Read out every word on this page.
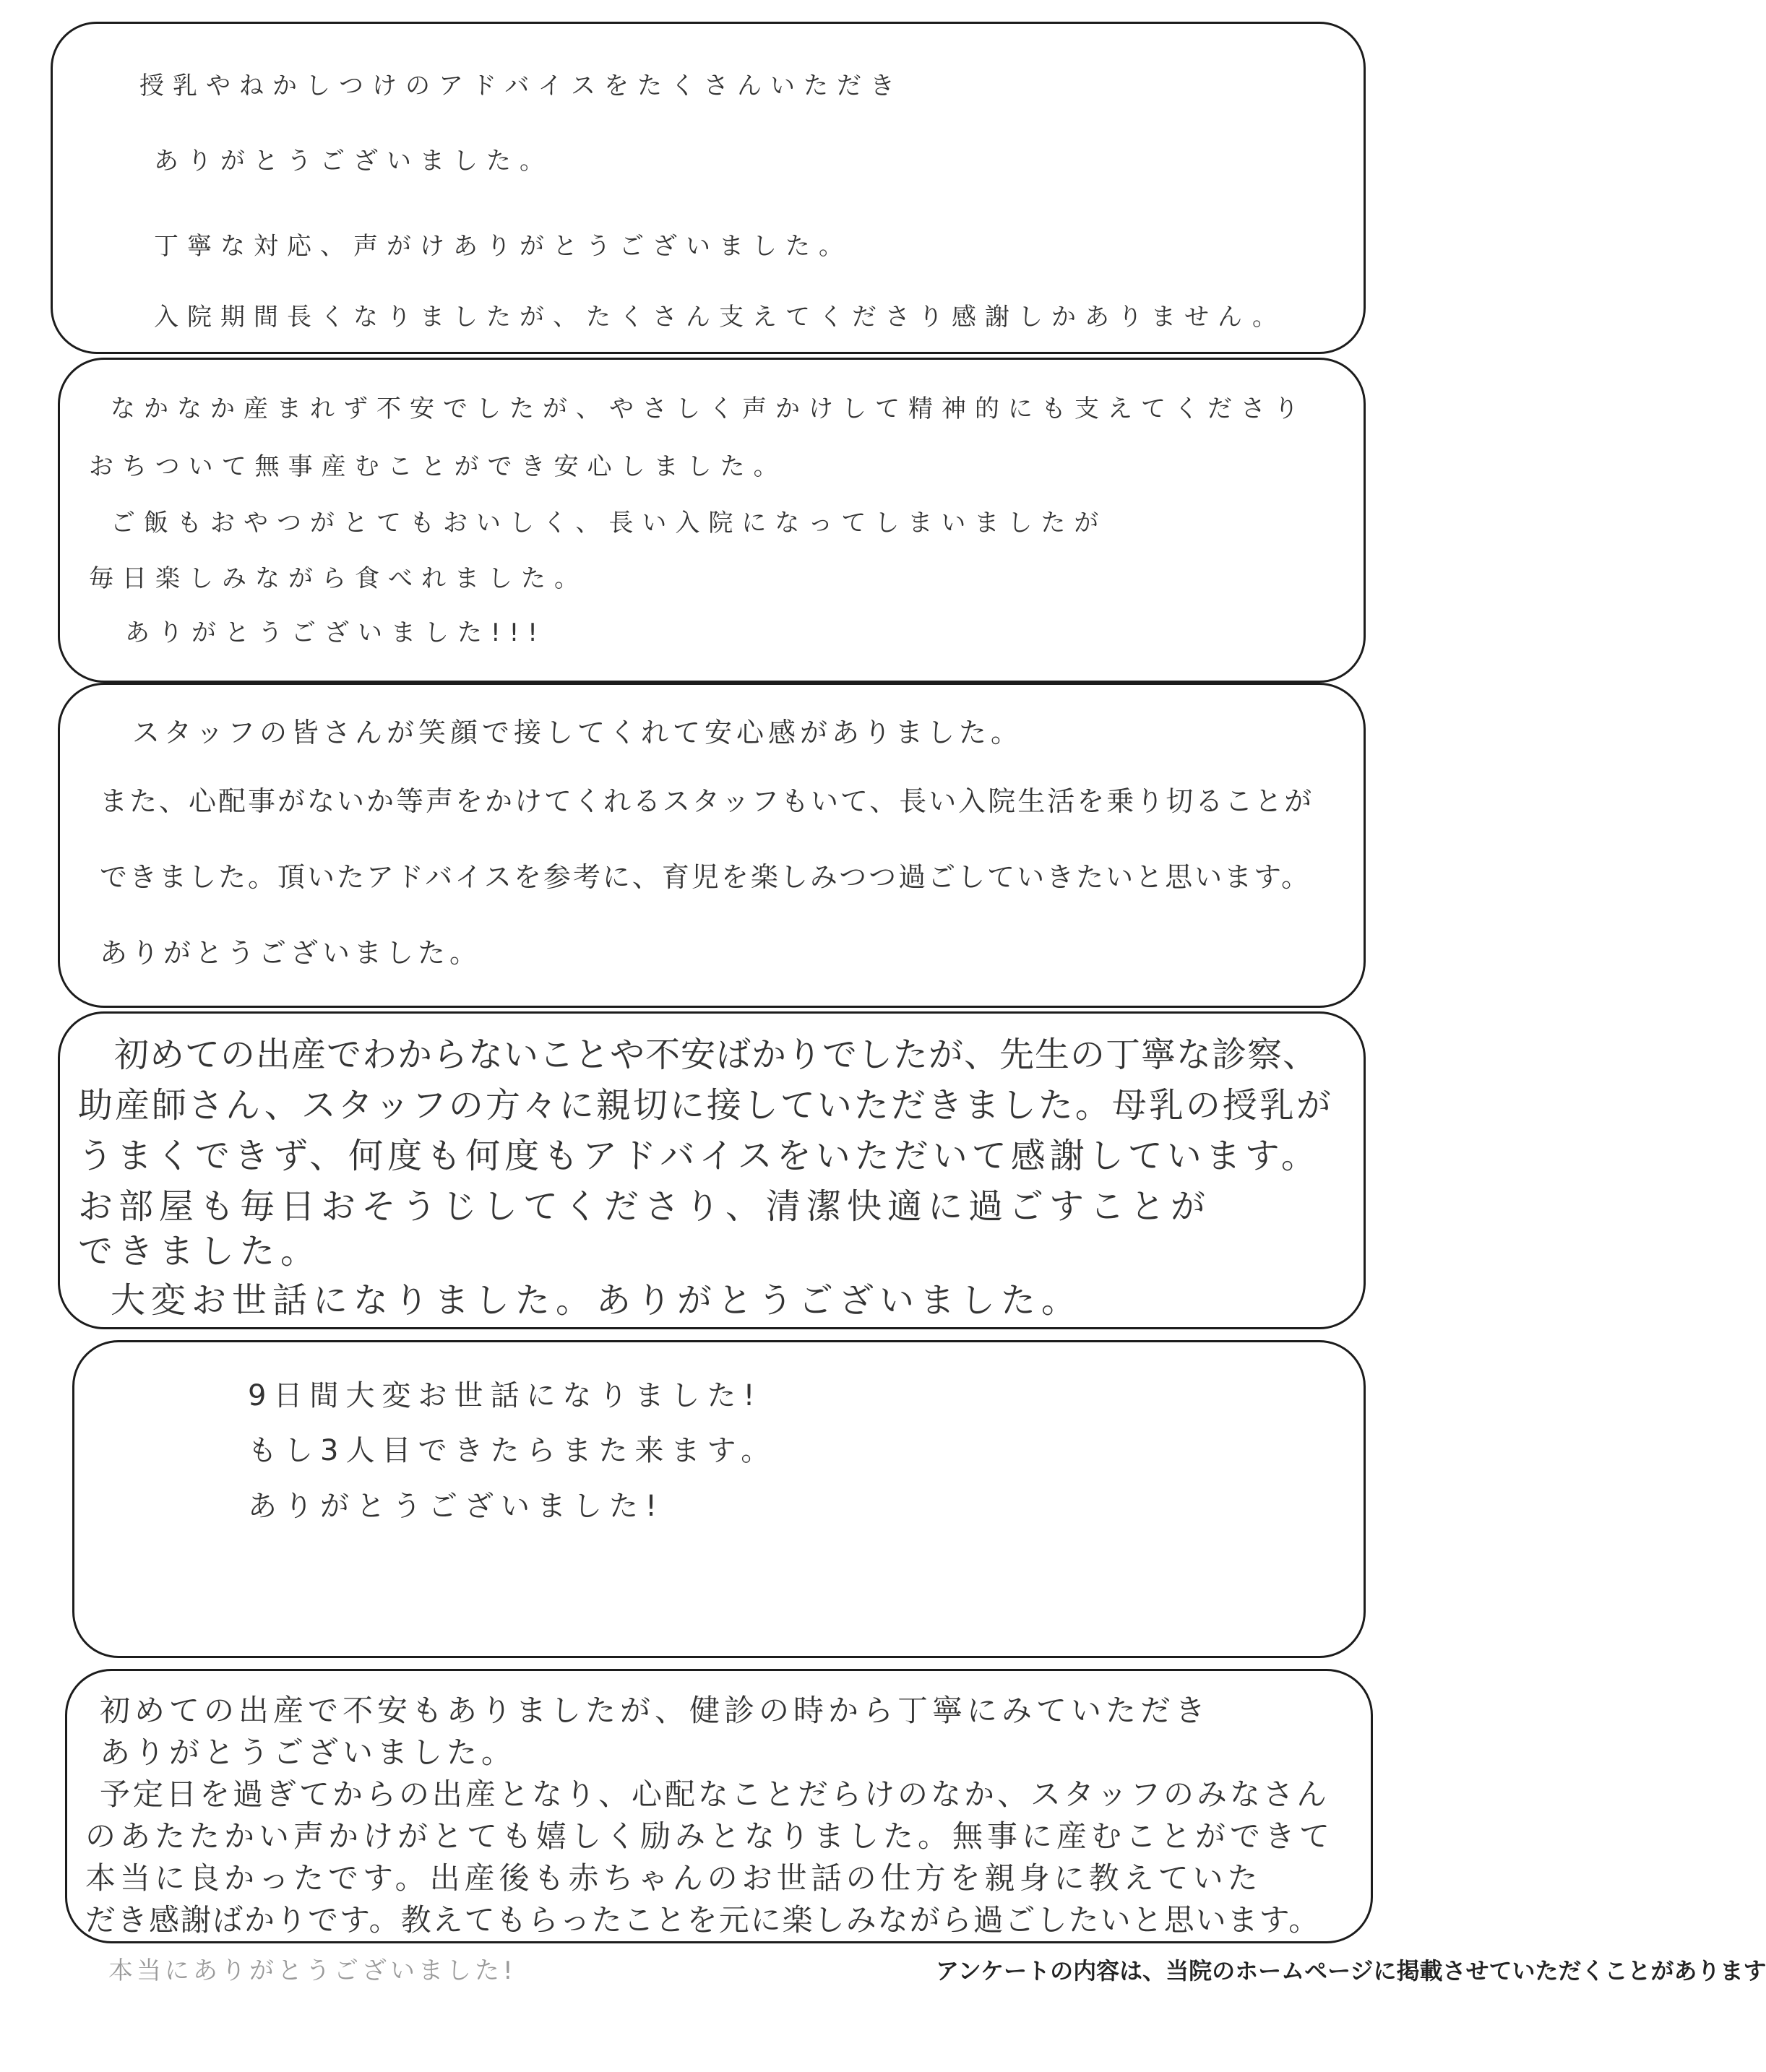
授乳やねかしつけのアドバイスをたくさんいただき
ありがとうございました。
丁寧な対応、声がけありがとうございました。
入院期間長くなりましたが、たくさん支えてくださり感謝しかありません。
なかなか産まれず不安でしたが、やさしく声かけして精神的にも支えてくださり
おちついて無事産むことができ安心しました。
ご飯もおやつがとてもおいしく、長い入院になってしまいましたが
毎日楽しみながら食べれました。
ありがとうございました!!!
スタッフの皆さんが笑顔で接してくれて安心感がありました。
また、心配事がないか等声をかけてくれるスタッフもいて、長い入院生活を乗り切ることが
できました。頂いたアドバイスを参考に、育児を楽しみつつ過ごしていきたいと思います。
ありがとうございました。
初めての出産でわからないことや不安ばかりでしたが、先生の丁寧な診察、
助産師さん、スタッフの方々に親切に接していただきました。母乳の授乳が
うまくできず、何度も何度もアドバイスをいただいて感謝しています。
お部屋も毎日おそうじしてくださり、清潔快適に過ごすことが
できました。
大変お世話になりました。ありがとうございました。
9日間大変お世話になりました!
もし3人目できたらまた来ます。
ありがとうございました!
初めての出産で不安もありましたが、健診の時から丁寧にみていただき
ありがとうございました。
予定日を過ぎてからの出産となり、心配なことだらけのなか、スタッフのみなさん
のあたたかい声かけがとても嬉しく励みとなりました。無事に産むことができて
本当に良かったです。出産後も赤ちゃんのお世話の仕方を親身に教えていた
だき感謝ばかりです。教えてもらったことを元に楽しみながら過ごしたいと思います。
本当にありがとうございました!	アンケートの内容は、当院のホームページに掲載させていただくことがあります
